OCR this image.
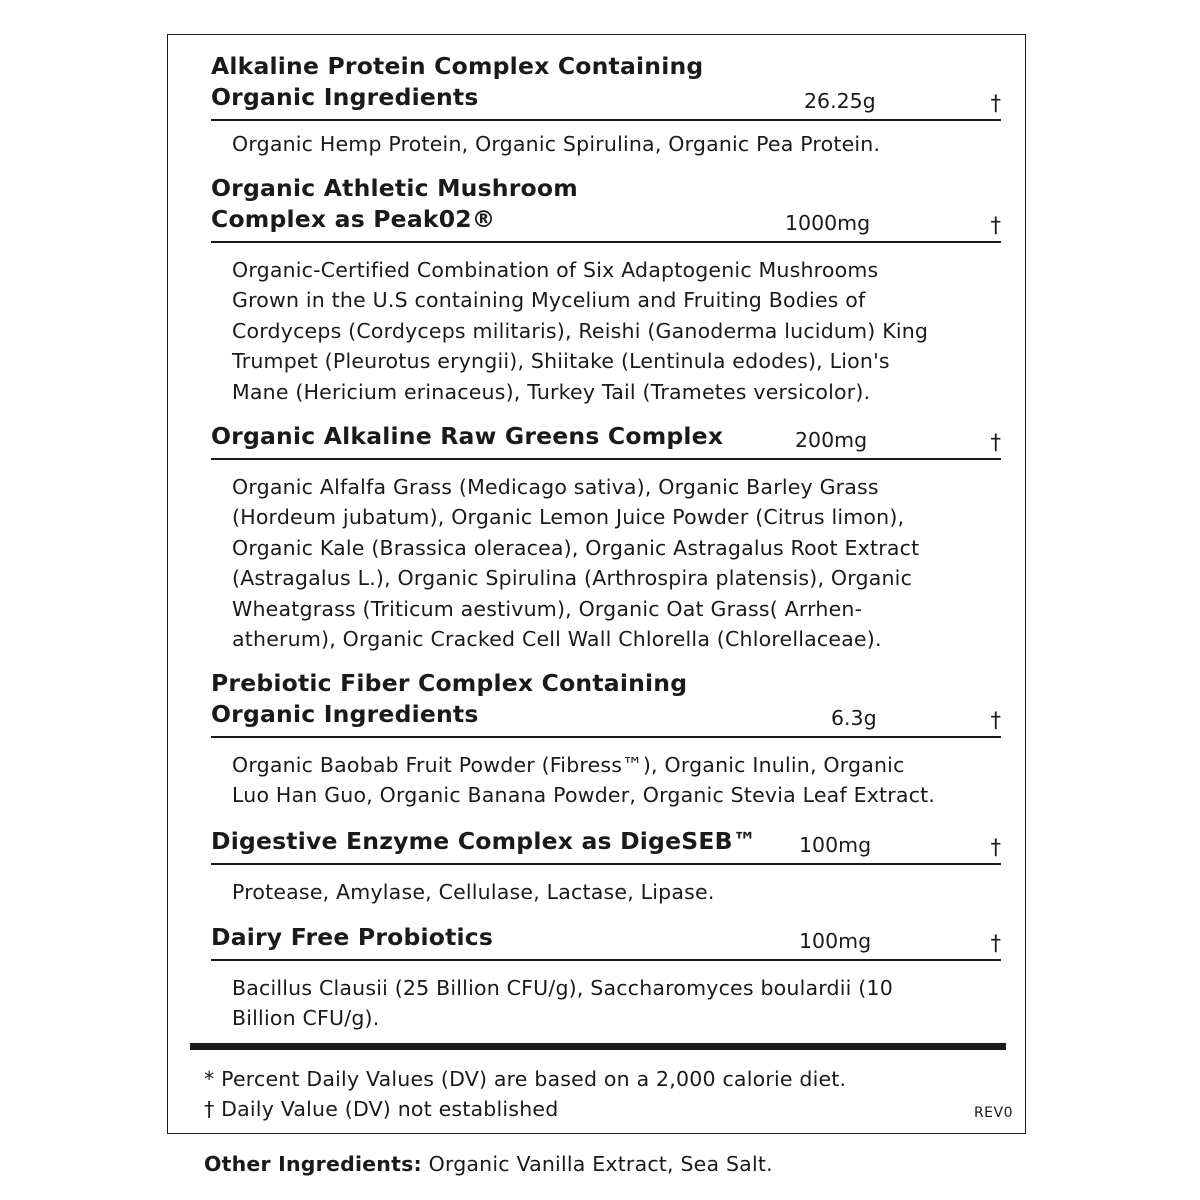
Alkaline Protein Complex Containing
Organic Ingredients	26.25g	†
Organic Hemp Protein, Organic Spirulina, Organic Pea Protein.
Organic Athletic Mushroom
Complex as Peak02®	1000mg	†
Organic-Certified Combination of Six Adaptogenic Mushrooms
Grown in the U.S containing Mycelium and Fruiting Bodies of
Cordyceps (Cordyceps militaris), Reishi (Ganoderma lucidum) King
Trumpet (Pleurotus eryngii), Shiitake (Lentinula edodes), Lion's
Mane (Hericium erinaceus), Turkey Tail (Trametes versicolor).
Organic Alkaline Raw Greens Complex	200mg	†
Organic Alfalfa Grass (Medicago sativa), Organic Barley Grass
(Hordeum jubatum), Organic Lemon Juice Powder (Citrus limon),
Organic Kale (Brassica oleracea), Organic Astragalus Root Extract
(Astragalus L.), Organic Spirulina (Arthrospira platensis), Organic
Wheatgrass (Triticum aestivum), Organic Oat Grass( Arrhen-
atherum), Organic Cracked Cell Wall Chlorella (Chlorellaceae).
Prebiotic Fiber Complex Containing
Organic Ingredients	6.3g	†
Organic Baobab Fruit Powder (Fibress™), Organic Inulin, Organic
Luo Han Guo, Organic Banana Powder, Organic Stevia Leaf Extract.
Digestive Enzyme Complex as DigeSEB™ 100mg	†
Protease, Amylase, Cellulase, Lactase, Lipase.
Dairy Free Probiotics	100mg	†
Bacillus Clausii (25 Billion CFU/g), Saccharomyces boulardii (10
Billion CFU/g).
* Percent Daily Values (DV) are based on a 2,000 calorie diet.
† Daily Value (DV) not established	REV0
Other Ingredients: Organic Vanilla Extract, Sea Salt.
